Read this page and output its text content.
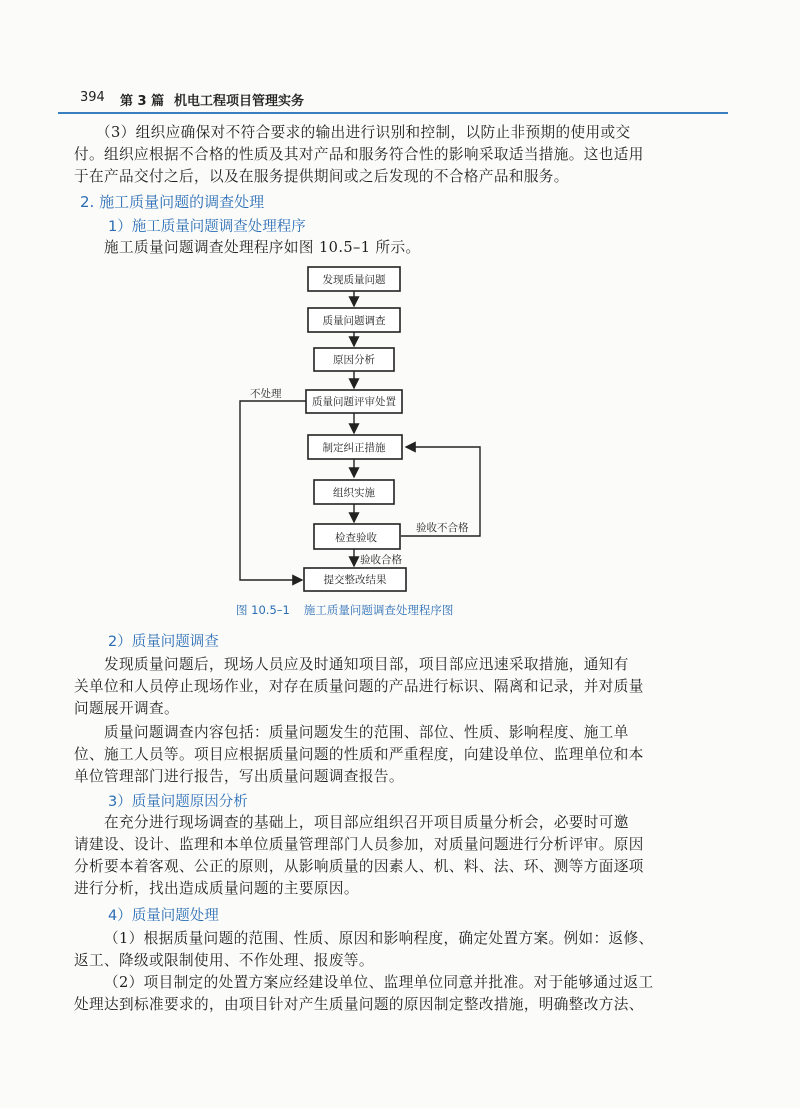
394 第 3 篇 机电工程项目管理实务
（3）组织应确保对不符合要求的输出进行识别和控制，以防止非预期的使用或交
付。组织应根据不合格的性质及其对产品和服务符合性的影响采取适当措施。这也适用
于在产品交付之后，以及在服务提供期间或之后发现的不合格产品和服务。
2. 施工质量问题的调查处理
1）施工质量问题调查处理程序
施工质量问题调查处理程序如图 10.5–1 所示。
发现质量问题
质量问题调查
原因分析
质量问题评审处置
制定纠正措施
组织实施
检查验收
提交整改结果
不处理
验收不合格
验收合格
图 10.5–1 施工质量问题调查处理程序图
2）质量问题调查
发现质量问题后，现场人员应及时通知项目部，项目部应迅速采取措施，通知有
关单位和人员停止现场作业，对存在质量问题的产品进行标识、隔离和记录，并对质量
问题展开调查。
质量问题调查内容包括：质量问题发生的范围、部位、性质、影响程度、施工单
位、施工人员等。项目应根据质量问题的性质和严重程度，向建设单位、监理单位和本
单位管理部门进行报告，写出质量问题调查报告。
3）质量问题原因分析
在充分进行现场调查的基础上，项目部应组织召开项目质量分析会，必要时可邀
请建设、设计、监理和本单位质量管理部门人员参加，对质量问题进行分析评审。原因
分析要本着客观、公正的原则，从影响质量的因素人、机、料、法、环、测等方面逐项
进行分析，找出造成质量问题的主要原因。
4）质量问题处理
（1）根据质量问题的范围、性质、原因和影响程度，确定处置方案。例如：返修、
返工、降级或限制使用、不作处理、报废等。
（2）项目制定的处置方案应经建设单位、监理单位同意并批准。对于能够通过返工
处理达到标准要求的，由项目针对产生质量问题的原因制定整改措施，明确整改方法、
